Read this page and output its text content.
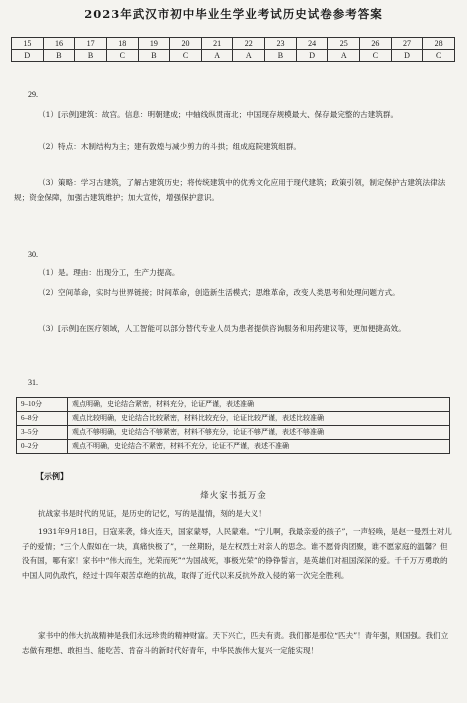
2023年武汉市初中毕业生学业考试历史试卷参考答案
15	16	17	18	19	20	21	22	23	24	25	26	27	28
D	B	B	C	B	C	A	A	B	D	A	C	D	C
29.
（1）[示例]建筑：故宫。信息：明朝建成；中轴线纵贯南北；中国现存规模最大、保存最完整的古建筑群。
（2）特点：木制结构为主；建有敦煌与减少剪力的斗拱；组成庭院建筑组群。
（3）策略：学习古建筑，了解古建筑历史；将传统建筑中的优秀文化应用于现代建筑；政策引领，制定保护古建筑法律法规；资金保障，加强古建筑维护；加大宣传，增强保护意识。
30.
（1）是。理由：出现分工，生产力提高。
（2）空间革命，实时与世界链接；时间革命，创造新生活模式；思维革命，改变人类思考和处理问题方式。
（3）[示例]在医疗领域，人工智能可以部分替代专业人员为患者提供咨询服务和用药建议等，更加便捷高效。
31.
9–10分	观点明确，史论结合紧密，材料充分，论证严谨，表述准确
6–8分	观点比较明确，史论结合比较紧密，材料比较充分，论证比较严谨，表述比较准确
3–5分	观点不够明确，史论结合不够紧密，材料不够充分，论证不够严谨，表述不够准确
0–2分	观点不明确，史论结合不紧密，材料不充分，论证不严谨，表述不准确
【示例】
烽火家书抵万金
抗战家书是时代的见证，是历史的记忆，写的是温情，刻的是大义！
1931年9月18日，日寇来袭，烽火连天，国家蒙辱，人民蒙难。“宁儿啊，我最亲爱的孩子”，一声轻唤，是赵一曼烈士对儿子的爱情；“三个人假如在一块，真痛快极了”，一丝期盼，是左权烈士对亲人的思念。谁不愿骨肉团聚，谁不愿家庭的温馨？但没有国，哪有家！家书中“伟大而生，光荣而死”“为国战死，事极光荣”的铮铮誓言，是英雄们对祖国深深的爱。千千万万勇敢的中国人同仇敌忾，经过十四年艰苦卓绝的抗战，取得了近代以来反抗外敌入侵的第一次完全胜利。
家书中的伟大抗战精神是我们永远珍贵的精神财富。天下兴亡，匹夫有责。我们都是那位“匹夫”！青年强，则国强。我们立志做有理想、敢担当、能吃苦、肯奋斗的新时代好青年，中华民族伟大复兴一定能实现！
